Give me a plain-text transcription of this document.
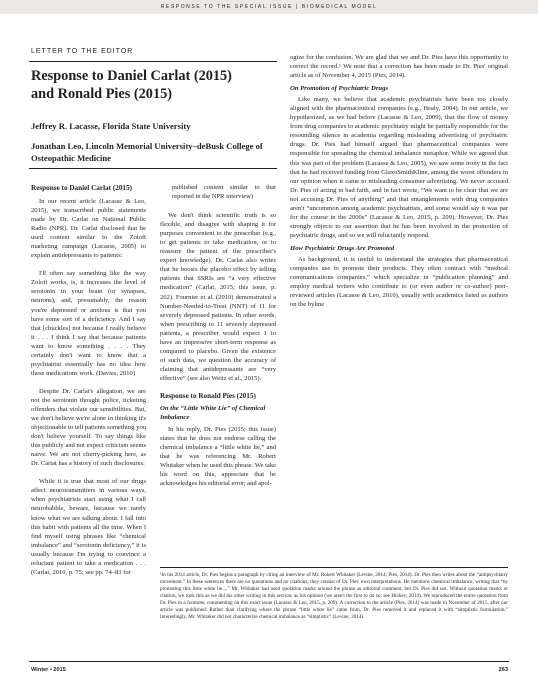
RESPONSE TO THE SPECIAL ISSUE | BIOMEDICAL MODEL
LETTER TO THE EDITOR
Response to Daniel Carlat (2015)
and Ronald Pies (2015)
Jeffrey R. Lacasse, Florida State University
Jonathan Leo, Lincoln Memorial University–deBusk College of
Osteopathic Medicine
Response to Daniel Carlat (2015)

In our recent article (Lacasse & Leo, 2015), we transcribed public statements made by Dr. Carlat on National Public Radio (NPR). Dr. Carlat disclosed that he used content similar to the Zoloft marketing campaign (Lacasse, 2005) to explain antidepressants to patients:

I'll often say something like the way Zoloft works, is, it increases the level of serotonin in your brain (or synapses, neurons), and, presumably, the reason you're depressed or anxious is that you have some sort of a deficiency. And I say that [chuckles] not because I really believe it . . . I think I say that because patients want to know something . . . . They certainly don't want to know that a psychiatrist essentially has no idea how these medications work. (Davies, 2010)

Despite Dr. Carlat's allegation, we are not the serotonin thought police, ticketing offenders that violate our sensibilities. But, we don't believe we're alone in thinking it's objectionable to tell patients something you don't believe yourself. To say things like this publicly and not expect criticism seems naive. We are not cherry-picking here, as Dr. Cariat has a history of such disclosures:

While it is true that most of our drugs affect neurotransmitters in various ways, when psychiatrists start using what I call neurobabble, beware, because we rarely know what we are talking about. I fall into this habit with patients all the time. When I find myself using phrases like “chemical imbalance” and “serotonin deficiency,” it is usually because I'm trying to convince a reluctant patient to take a medication . . . (Carlat, 2010, p. 75; see pp. 74–83 for

published content similar to that reported in the NPR interview)

We don't think scientific truth is so flexible, and disagree with shaping it for purposes convenient to the prescriber (e.g., to get patients to take medication, or to reassure the patient of the prescriber's expert knowledge). Dr. Carlat also writes that he boosts the placebo effect by telling patients that SSRIs are “a very effective medication” (Carlat, 2015; this issue, p. 262). Fournier et al. (2010) demonstrated a Number-Needed-to-Treat (NNT) of 11 for severely depressed patients. In other words, when prescribing to 11 severely depressed patients, a prescriber would expect 1 to have an impressive short-term response as compared to placebo. Given the existence of such data, we question the accuracy of claiming that antidepressants are “very effective” (see also Weitz et al., 2015).

Response to Ronald Pies (2015)
On the “Little White Lie” of Chemical Imbalance

In his reply, Dr. Pies (2015; this issue) states that he does not endorse calling the chemical imbalance a “little white lie,” and that he was referencing Mr. Robert Whitaker when he used this phrase. We take his word on this, appreciate that he acknowledges his editorial error, and apol-

ogize for the confusion. We are glad that we and Dr. Pies have this opportunity to correct the record.¹ We note that a correction has been made to Dr. Pies' original article as of November 4, 2015 (Pies, 2014).

On Promotion of Psychiatric Drugs

Like many, we believe that academic psychiatrists have been too closely aligned with the pharmaceutical companies (e.g., Healy, 2004). In our article, we hypothesized, as we had before (Lacasse & Leo, 2009), that the flow of money from drug companies to academic psychiatry might be partially responsible for the resounding silence in academia regarding misleading advertising of psychiatric drugs. Dr. Pies had himself argued that pharmaceutical companies were responsible for spreading the chemical imbalance metaphor. While we agreed that this was part of the problem (Lacasse & Leo, 2005), we saw some irony in the fact that he had received funding from GlaxoSmithKline, among the worst offenders in our opinion when it came to misleading consumer advertising. We never accused Dr. Pies of acting in bad faith, and in fact wrote, “We want to be clear that we are not accusing Dr. Pies of anything” and that entanglements with drug companies aren't “uncommon among academic psychiatrists, and some would say it was par for the course in the 2000s” (Lacasse & Leo, 2015, p. 209). However, Dr. Pies strongly objects to our assertion that he has been involved in the promotion of psychiatric drugs, and so we will reluctantly respond.

How Psychiatric Drugs Are Promoted

As background, it is useful to understand the strategies that pharmaceutical companies use to promote their products. They often contract with “medical communications companies,” which specialize in “publication planning” and employ medical writers who contribute to (or even author or co-author) peer-reviewed articles (Lacasse & Leo, 2010), usually with academics listed as authors on the byline

¹In his 2014 article, Dr. Pies begins a paragraph by citing an interview of Mr. Robert Whitaker (Levine, 2014; Pies, 2014). Dr. Pies then writes about the “antipsychiatry movement.” In these sentences there are no quotations and no citations; they consist of Dr. Pies' own interpretations. He mentions chemical imbalance, writing that “by promoting this little white lie....” Mr. Whitaker had used quotation marks around the phrase as editorial comment, but Dr. Pies did not. Without quotation marks or citation, we took this as we did his other writing in this section, as his opinion (we aren't the first to do so; see Hickey, 2014). We reproduced the entire quotation from Dr. Pies in a footnote, commenting on this exact issue (Lacasse & Leo, 2015, p. 209). A correction to the article (Pies, 2014) was made in November of 2015, after our article was published. Rather than clarifying where the phrase “little white lie” came from, Dr. Pies removed it and replaced it with “simplistic formulation.” Interestingly, Mr. Whitaker did not characterize chemical imbalance as “simplistic” (Levine, 2014).

Winter • 2015	263
